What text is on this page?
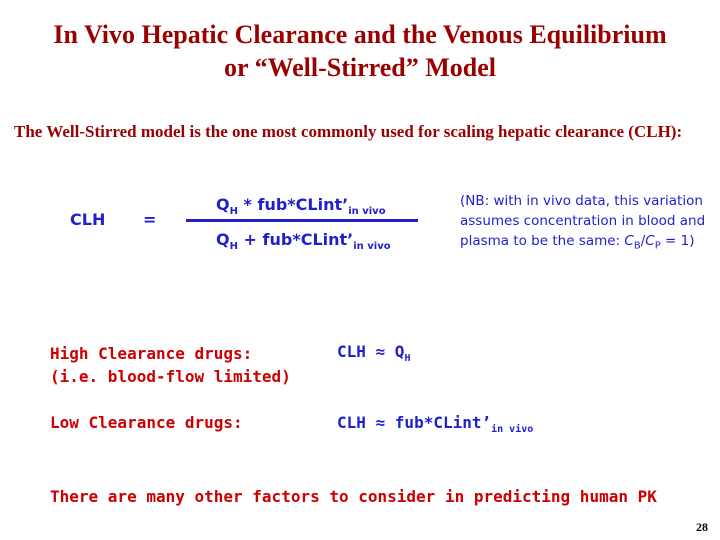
In Vivo Hepatic Clearance and the Venous Equilibrium
or “Well-Stirred” Model
The Well-Stirred model is the one most commonly used for scaling hepatic clearance (CLH):
CLH =
$Q_H$ * $fub*CLint’_{in vivo}$
$Q_H$ + $fub*CLint’_{in vivo}$
(NB: with in vivo data, this variation assumes concentration in blood and plasma to be the same: $C_B/C_P = 1$)
High Clearance drugs:
(i.e. blood-flow limited)
CLH ≈ $Q_H$
Low Clearance drugs:	CLH ≈ $fub*CLint’_{in vivo}$
There are many other factors to consider in predicting human PK
28
